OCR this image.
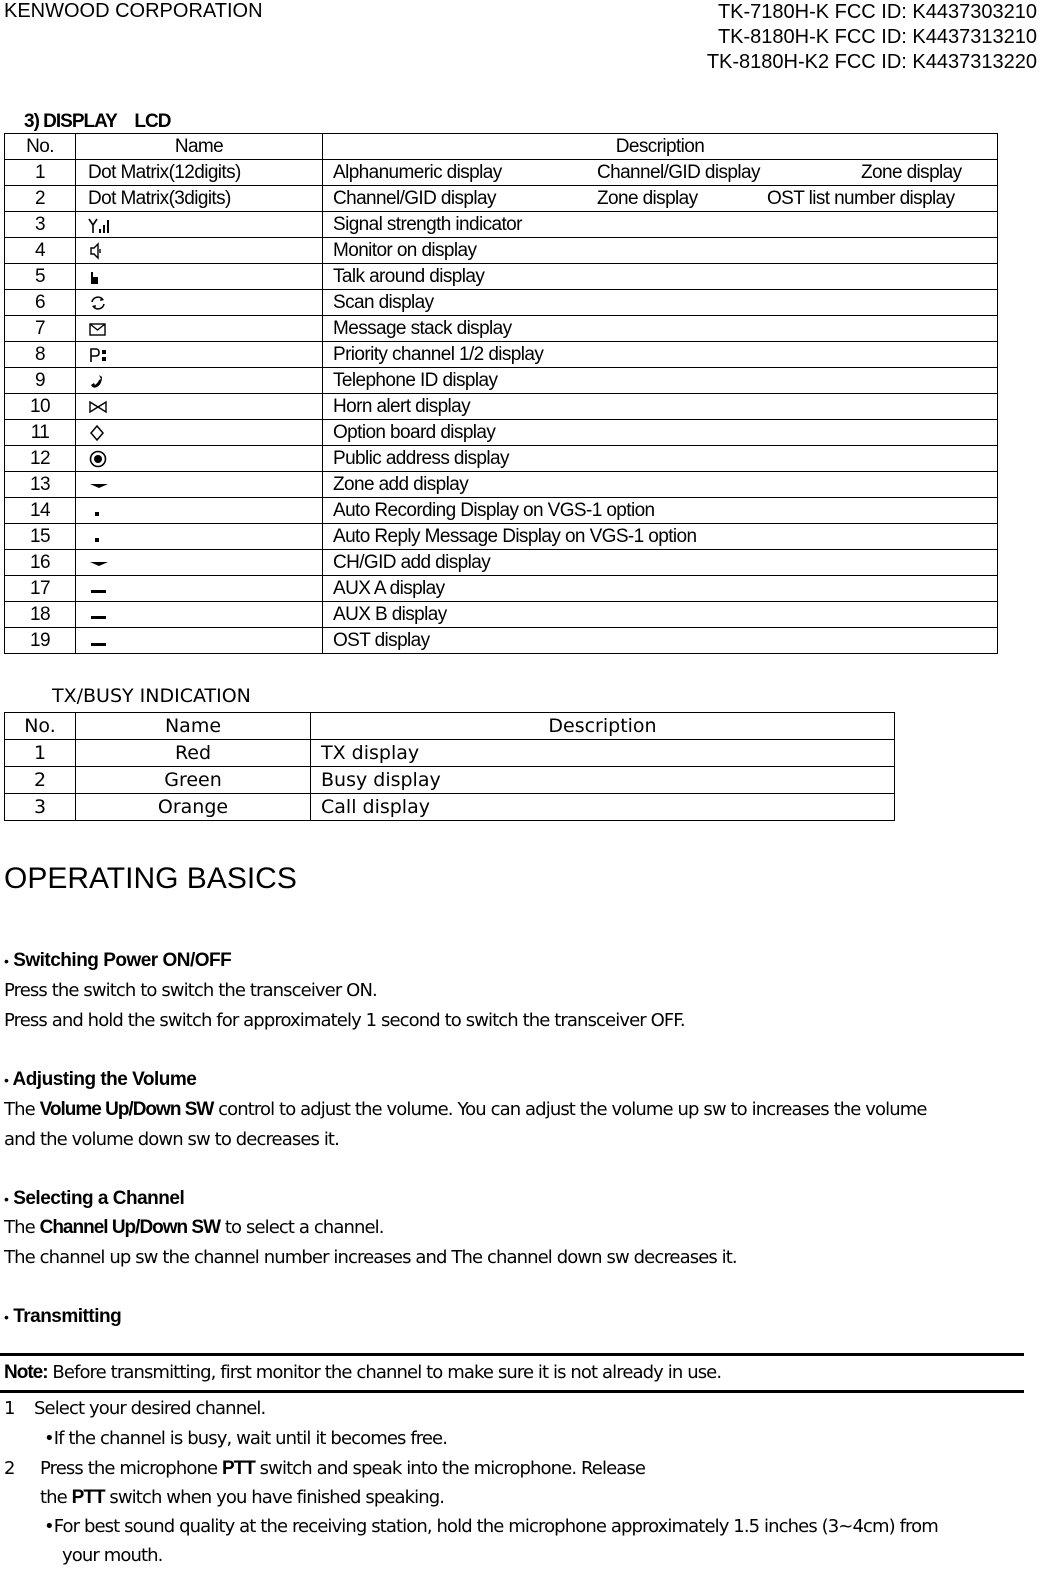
KENWOOD CORPORATION	TK-7180H-K FCC ID: K4437303210
TK-8180H-K FCC ID: K4437313210
TK-8180H-K2 FCC ID: K4437313220
3) DISPLAY　LCD
No.	Name	Description
1	Dot Matrix(12digits)	Alphanumeric display Channel/GID display Zone display
2	Dot Matrix(3digits)	Channel/GID display Zone display OST list number display
3		Signal strength indicator
4		Monitor on display
5		Talk around display
6		Scan display
7		Message stack display
8		Priority channel 1/2 display
9		Telephone ID display
10		Horn alert display
11		Option board display
12		Public address display
13		Zone add display
14		Auto Recording Display on VGS-1 option
15		Auto Reply Message Display on VGS-1 option
16		CH/GID add display
17		AUX A display
18		AUX B display
19		OST display
TX/BUSY INDICATION
No.	Name	Description
1	Red	TX display
2	Green	Busy display
3	Orange	Call display
OPERATING BASICS
• Switching Power ON/OFF
Press the switch to switch the transceiver ON.
Press and hold the switch for approximately 1 second to switch the transceiver OFF.
• Adjusting the Volume
The Volume Up/Down SW control to adjust the volume. You can adjust the volume up sw to increases the volume
and the volume down sw to decreases it.
• Selecting a Channel
The Channel Up/Down SW to select a channel.
The channel up sw the channel number increases and The channel down sw decreases it.
• Transmitting
Note: Before transmitting, first monitor the channel to make sure it is not already in use.
1 Select your desired channel.
•If the channel is busy, wait until it becomes free.
2 Press the microphone PTT switch and speak into the microphone. Release
the PTT switch when you have finished speaking.
•For best sound quality at the receiving station, hold the microphone approximately 1.5 inches (3~4cm) from
your mouth.
